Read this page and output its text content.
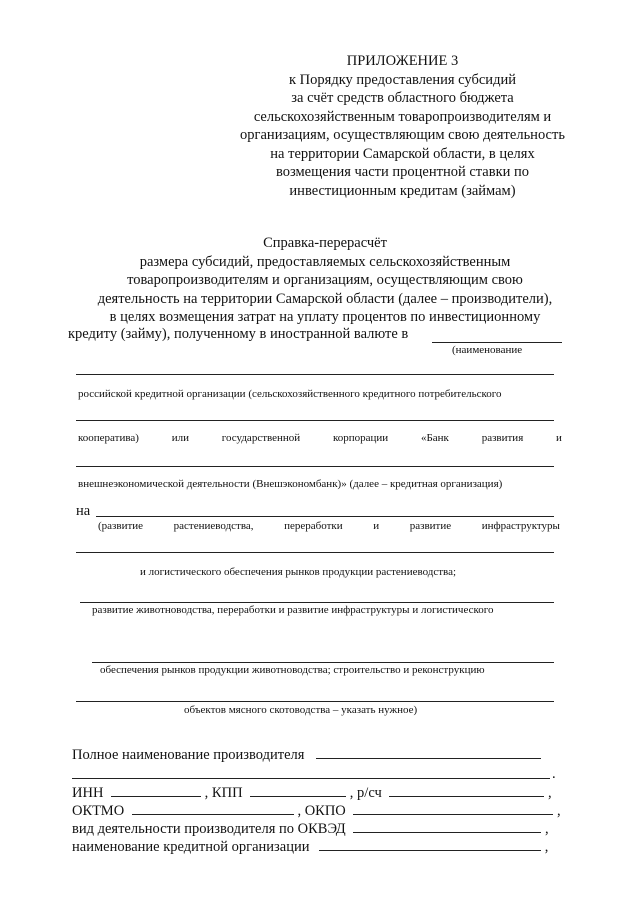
ПРИЛОЖЕНИЕ 3
к Порядку предоставления субсидий
за счёт средств областного бюджета
сельскохозяйственным товаропроизводителям и
организациям, осуществляющим свою деятельность
на территории Самарской области, в целях
возмещения части процентной ставки по
инвестиционным кредитам (займам)
Справка-перерасчёт
размера субсидий, предоставляемых сельскохозяйственным
товаропроизводителям и организациям, осуществляющим свою
деятельность на территории Самарской области (далее – производители),
в целях возмещения затрат на уплату процентов по инвестиционному
кредиту (займу), полученному в иностранной валюте в
(наименование
российской кредитной организации (сельскохозяйственного кредитного потребительского
кооператива)	или	государственной	корпорации	«Банк	развития	и
внешнеэкономической деятельности (Внешэкономбанк)» (далее – кредитная организация)
на
(развитие	растениеводства,	переработки	и	развитие	инфраструктуры
и логистического обеспечения рынков продукции растениеводства;
развитие животноводства, переработки и развитие инфраструктуры и логистического
обеспечения рынков продукции животноводства; строительство и реконструкцию
объектов мясного скотоводства – указать нужное)
Полное наименование производителя
.
ИНН	, КПП	, р/сч	,
ОКТМО	, ОКПО	,
вид деятельности производителя по ОКВЭД	,
наименование кредитной организации	,
